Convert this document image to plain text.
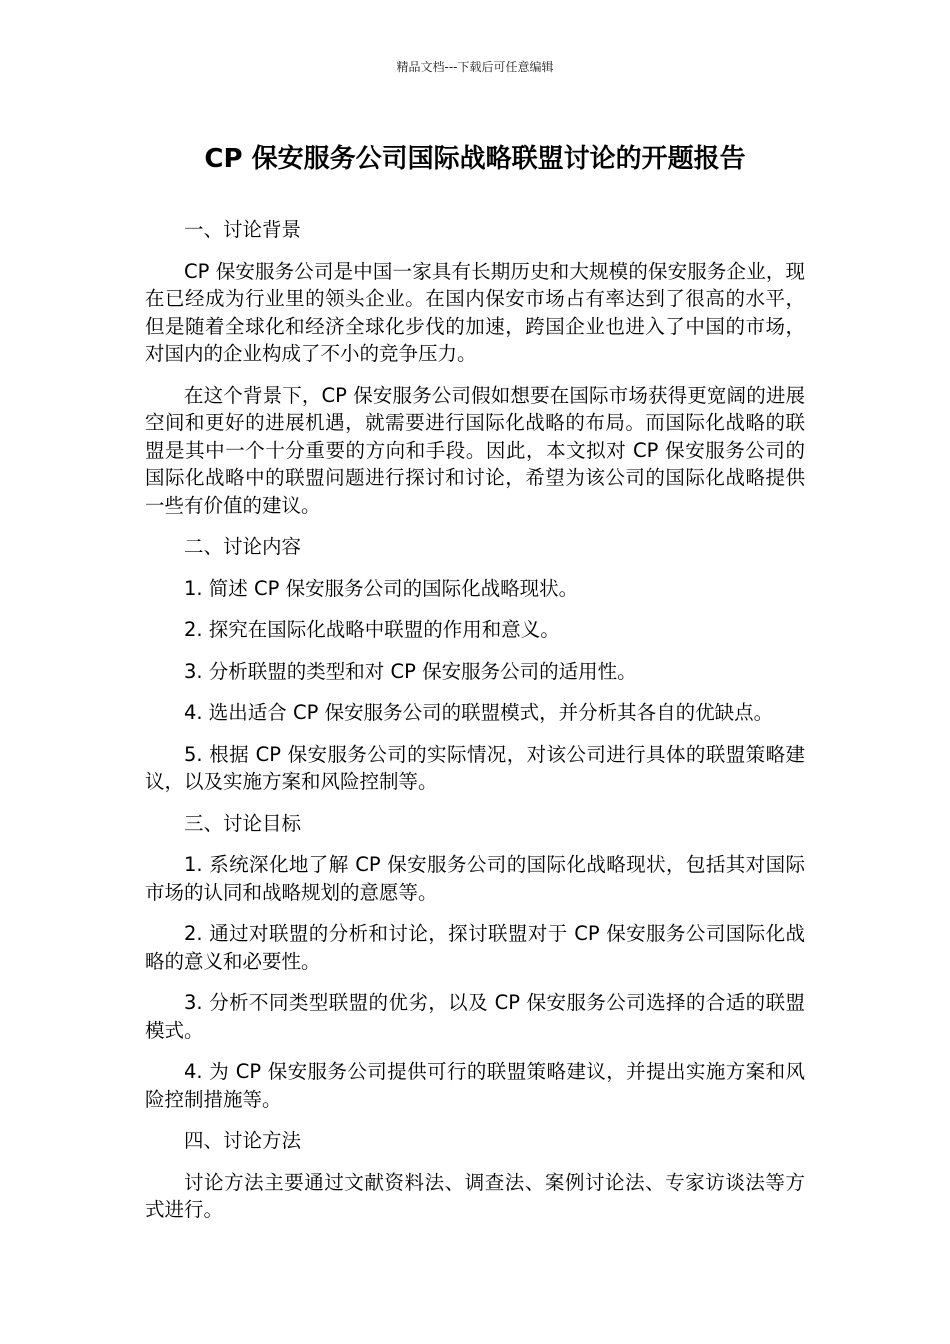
精品文档---下载后可任意编辑
CP 保安服务公司国际战略联盟讨论的开题报告

一、讨论背景

CP 保安服务公司是中国一家具有长期历史和大规模的保安服务企业，现在已经成为行业里的领头企业。在国内保安市场占有率达到了很高的水平，但是随着全球化和经济全球化步伐的加速，跨国企业也进入了中国的市场，对国内的企业构成了不小的竞争压力。

在这个背景下，CP 保安服务公司假如想要在国际市场获得更宽阔的进展空间和更好的进展机遇，就需要进行国际化战略的布局。而国际化战略的联盟是其中一个十分重要的方向和手段。因此，本文拟对 CP 保安服务公司的国际化战略中的联盟问题进行探讨和讨论，希望为该公司的国际化战略提供一些有价值的建议。

二、讨论内容

1. 简述 CP 保安服务公司的国际化战略现状。

2. 探究在国际化战略中联盟的作用和意义。

3. 分析联盟的类型和对 CP 保安服务公司的适用性。

4. 选出适合 CP 保安服务公司的联盟模式，并分析其各自的优缺点。

5. 根据 CP 保安服务公司的实际情况，对该公司进行具体的联盟策略建议，以及实施方案和风险控制等。

三、讨论目标

1. 系统深化地了解 CP 保安服务公司的国际化战略现状，包括其对国际市场的认同和战略规划的意愿等。

2. 通过对联盟的分析和讨论，探讨联盟对于 CP 保安服务公司国际化战略的意义和必要性。

3. 分析不同类型联盟的优劣，以及 CP 保安服务公司选择的合适的联盟模式。

4. 为 CP 保安服务公司提供可行的联盟策略建议，并提出实施方案和风险控制措施等。

四、讨论方法

讨论方法主要通过文献资料法、调查法、案例讨论法、专家访谈法等方式进行。
